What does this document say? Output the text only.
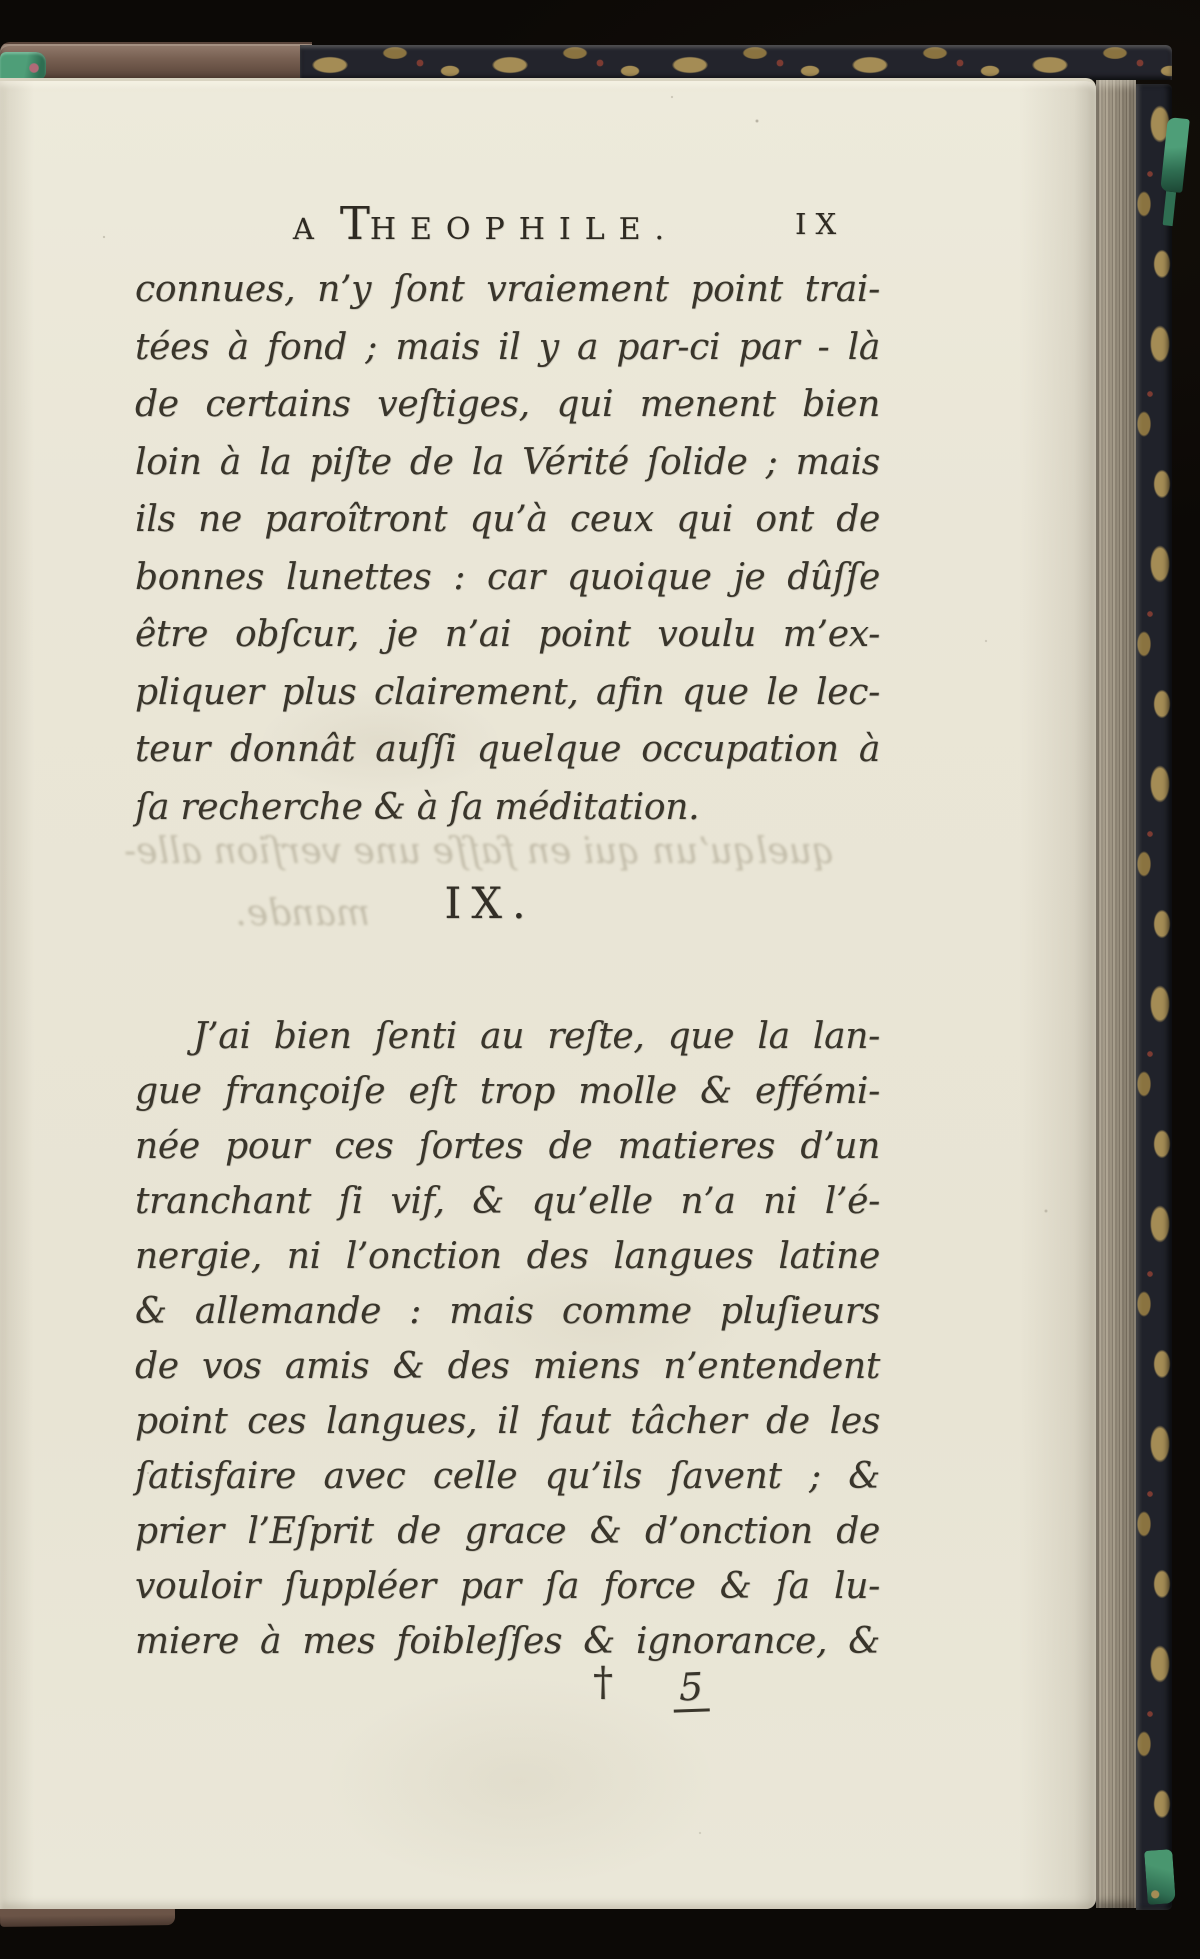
quelqu’un qui en faſſe une verſion alle-
mande.
A THEOPHILE.	IX
connues, n’y ſont vraiement point trai-
tées à fond ; mais il y a par-ci par - là
de certains veſtiges, qui menent bien
loin à la piſte de la Vérité ſolide ; mais
ils ne paroîtront qu’à ceux qui ont de
bonnes lunettes : car quoique je dûſſe
être obſcur, je n’ai point voulu m’ex-
pliquer plus clairement, afin que le lec-
teur donnât auſſi quelque occupation à
ſa recherche & à ſa méditation.
IX.
J’ai bien ſenti au reſte, que la lan-
gue françoiſe eſt trop molle & effémi-
née pour ces ſortes de matieres d’un
tranchant ſi vif, & qu’elle n’a ni l’é-
nergie, ni l’onction des langues latine
& allemande : mais comme pluſieurs
de vos amis & des miens n’entendent
point ces langues, il faut tâcher de les
ſatisfaire avec celle qu’ils ſavent ; &
prier l’Eſprit de grace & d’onction de
vouloir ſuppléer par ſa force & ſa lu-
miere à mes foibleſſes & ignorance, &
† 5
